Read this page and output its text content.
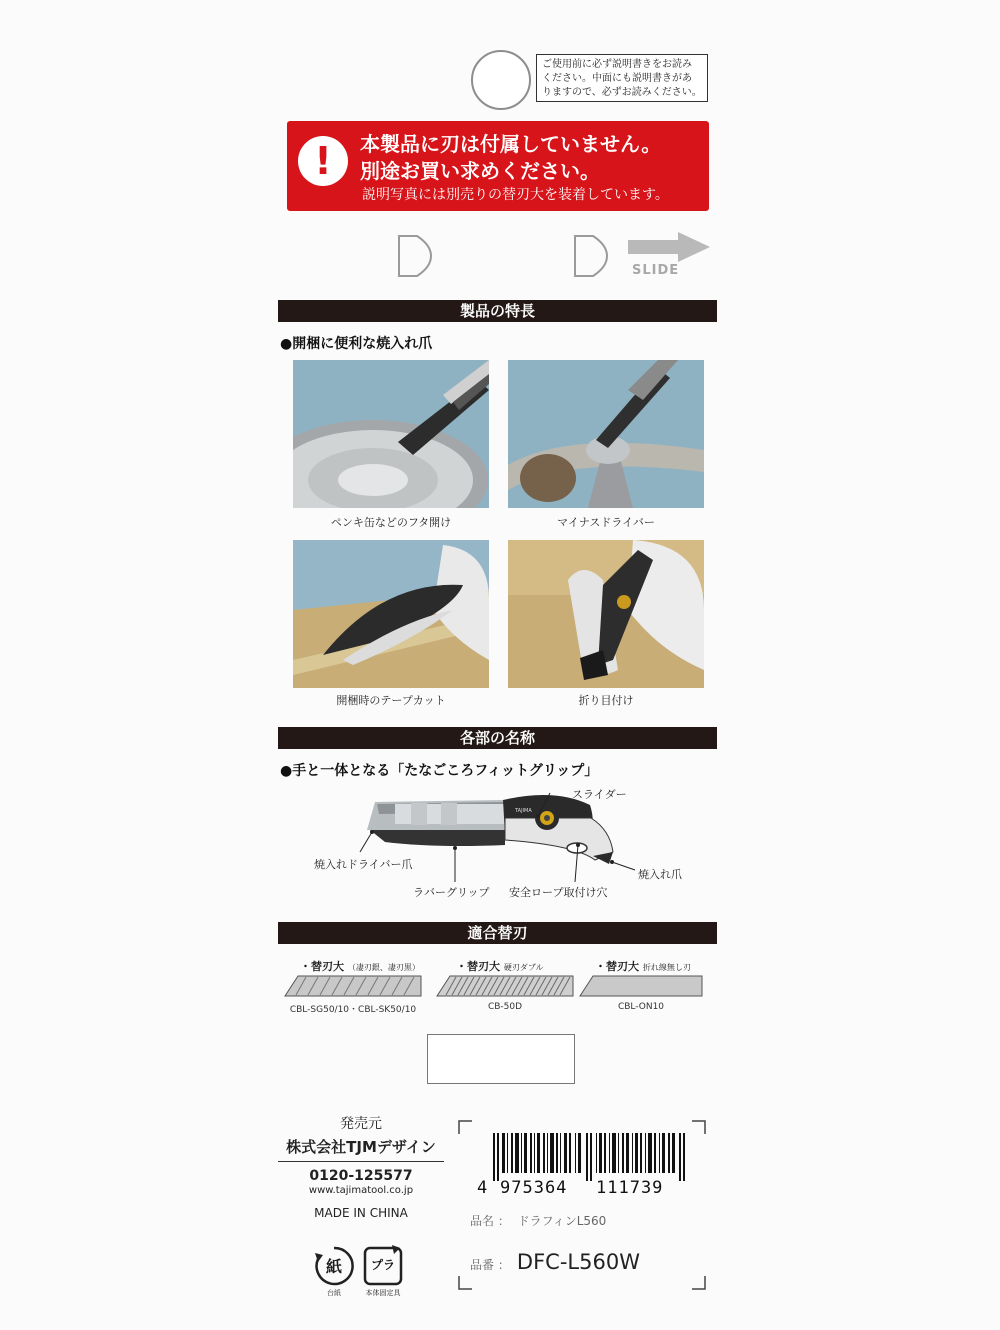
ご使用前に必ず説明書きをお読み
ください。中面にも説明書きがあ
りますので、必ずお読みください。
!	本製品に刃は付属していません。
別途お買い求めください。
説明写真には別売りの替刃大を装着しています。
SLIDE
製品の特長
●開梱に便利な焼入れ爪
ペンキ缶などのフタ開け	マイナスドライバー
開梱時のテープカット	折り目付け
各部の名称
●手と一体となる「たなごころフィットグリップ」
TAJIMA
スライダー
焼入れドライバー爪
焼入れ爪
ラバーグリップ 安全ロープ取付け穴
適合替刃
・替刃大 （凄刃銀、凄刃黒）
CBL-SG50/10・CBL-SK50/10
・替刃大 硬刃ダブル
CB-50D
・替刃大 折れ線無し刃
CBL-ON10
発売元
株式会社TJMデザイン
0120-125577
www.tajimatool.co.jp
MADE IN CHINA
紙
台紙
プラ
本体固定具
4 975364 111739
品名 ： ドラフィンL560
品番 ： DFC-L560W
